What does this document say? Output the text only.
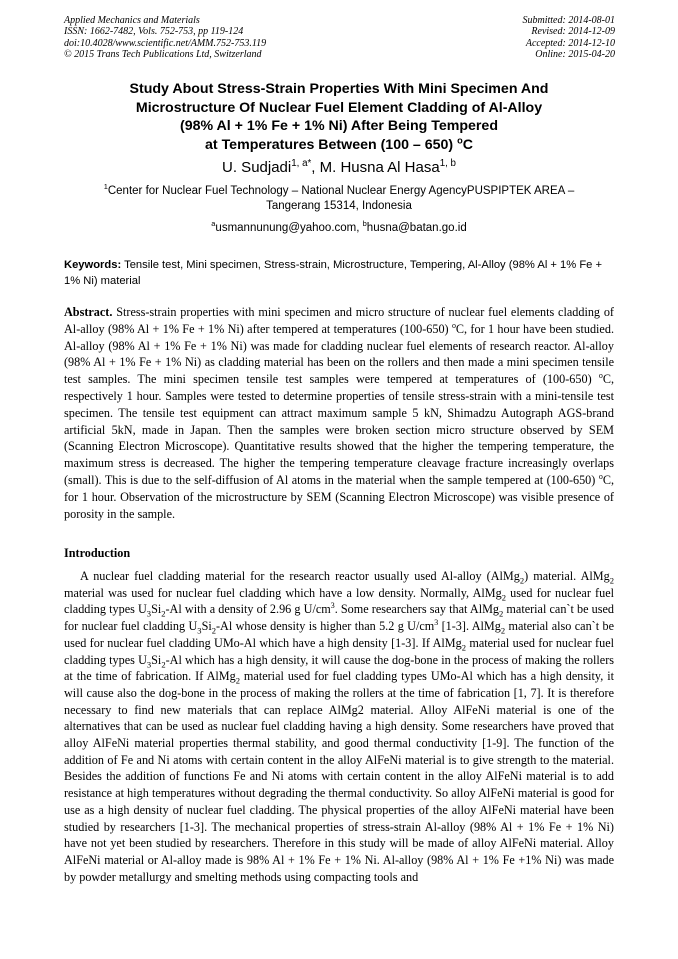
Applied Mechanics and Materials
ISSN: 1662-7482, Vols. 752-753, pp 119-124
doi:10.4028/www.scientific.net/AMM.752-753.119
© 2015 Trans Tech Publications Ltd, Switzerland
Submitted: 2014-08-01
Revised: 2014-12-09
Accepted: 2014-12-10
Online: 2015-04-20
Study About Stress-Strain Properties With Mini Specimen And
Microstructure Of Nuclear Fuel Element Cladding of Al-Alloy
(98% Al + 1% Fe + 1% Ni) After Being Tempered
at Temperatures Between (100 – 650) $^o$C
U. Sudjadi$^{1, a*}$, M. Husna Al Hasa$^{1, b}$
$^1$Center for Nuclear Fuel Technology – National Nuclear Energy AgencyPUSPIPTEK AREA –
Tangerang 15314, Indonesia
$^a$usmannunung@yahoo.com, $^b$husna@batan.go.id
Keywords: Tensile test, Mini specimen, Stress-strain, Microstructure, Tempering, Al-Alloy (98% Al + 1% Fe + 1% Ni) material
Abstract. Stress-strain properties with mini specimen and micro structure of nuclear fuel elements cladding of Al-alloy (98% Al + 1% Fe + 1% Ni) after tempered at temperatures (100-650) $^o$C, for 1 hour have been studied. Al-alloy (98% Al + 1% Fe + 1% Ni) was made for cladding nuclear fuel elements of research reactor. Al-alloy (98% Al + 1% Fe + 1% Ni) as cladding material has been on the rollers and then made a mini specimen tensile test samples. The mini specimen tensile test samples were tempered at temperatures of (100-650) $^o$C, respectively 1 hour. Samples were tested to determine properties of tensile stress-strain with a mini-tensile test specimen. The tensile test equipment can attract maximum sample 5 kN, Shimadzu Autograph AGS-brand artificial 5kN, made in Japan. Then the samples were broken section micro structure observed by SEM (Scanning Electron Microscope). Quantitative results showed that the higher the tempering temperature, the maximum stress is decreased. The higher the tempering temperature cleavage fracture increasingly overlaps (small). This is due to the self-diffusion of Al atoms in the material when the sample tempered at (100-650) $^o$C, for 1 hour. Observation of the microstructure by SEM (Scanning Electron Microscope) was visible presence of porosity in the sample.
Introduction
A nuclear fuel cladding material for the research reactor usually used Al-alloy (AlMg$_2$) material. AlMg$_2$ material was used for nuclear fuel cladding which have a low density. Normally, AlMg$_2$ used for nuclear fuel cladding types $U_3Si_2-Al$ with a density of 2.96 g $U/cm^3$. Some researchers say that AlMg$_2$ material can`t be used for nuclear fuel cladding $U_3Si_2-Al$ whose density is higher than 5.2 g $U/cm^3$ [1-3]. AlMg$_2$ material also can`t be used for nuclear fuel cladding UMo-Al which have a high density [1-3]. If AlMg$_2$ material used for nuclear fuel cladding types $U_3Si_2-Al$ which has a high density, it will cause the dog-bone in the process of making the rollers at the time of fabrication. If AlMg$_2$ material used for fuel cladding types UMo-Al which has a high density, it will cause also the dog-bone in the process of making the rollers at the time of fabrication [1, 7]. It is therefore necessary to find new materials that can replace AlMg2 material. Alloy AlFeNi material is one of the alternatives that can be used as nuclear fuel cladding having a high density. Some researchers have proved that alloy AlFeNi material properties thermal stability, and good thermal conductivity [1-9]. The function of the addition of Fe and Ni atoms with certain content in the alloy AlFeNi material is to give strength to the material. Besides the addition of functions Fe and Ni atoms with certain content in the alloy AlFeNi material is to add resistance at high temperatures without degrading the thermal conductivity. So alloy AlFeNi material is good for use as a high density of nuclear fuel cladding. The physical properties of the alloy AlFeNi material have been studied by researchers [1-3]. The mechanical properties of stress-strain Al-alloy (98% Al + 1% Fe + 1% Ni) have not yet been studied by researchers. Therefore in this study will be made of alloy AlFeNi material. Alloy AlFeNi material or Al-alloy made is 98% Al + 1% Fe + 1% Ni. Al-alloy (98% Al + 1% Fe +1% Ni) was made by powder metallurgy and smelting methods using compacting tools and
